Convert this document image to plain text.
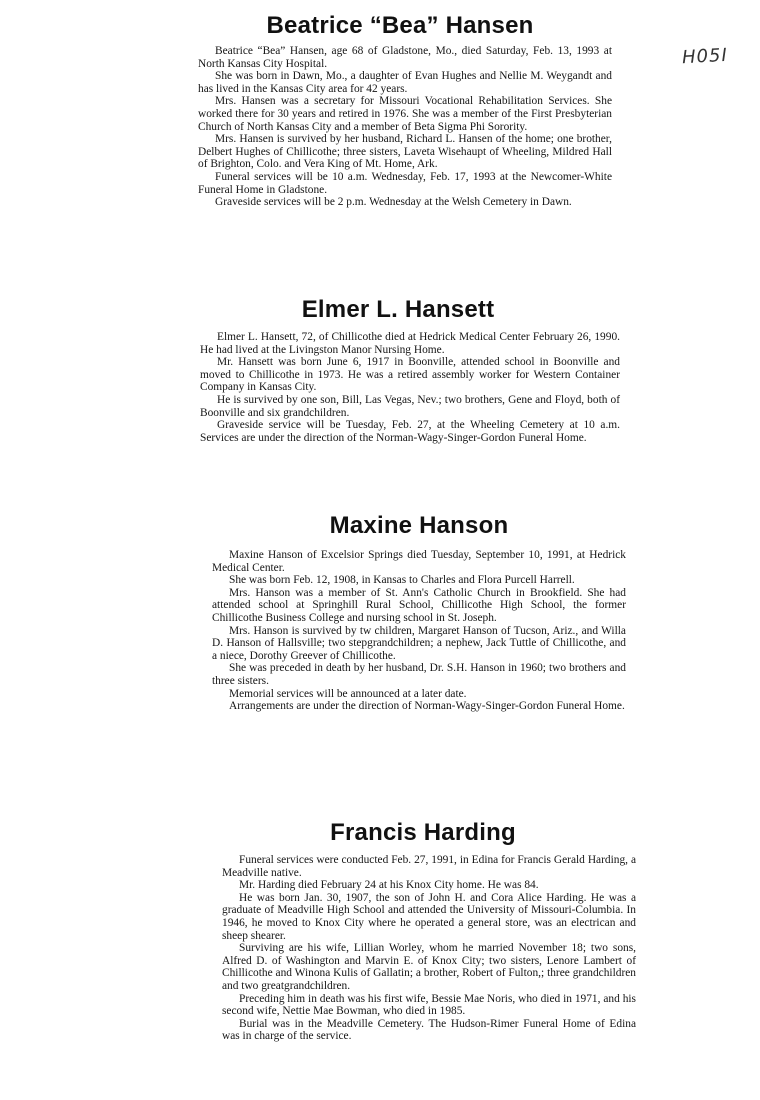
H05I
Beatrice “Bea” Hansen

Beatrice “Bea” Hansen, age 68 of Gladstone, Mo., died Saturday, Feb. 13, 1993 at North Kansas City Hospital.

She was born in Dawn, Mo., a daughter of Evan Hughes and Nellie M. Weygandt and has lived in the Kansas City area for 42 years.

Mrs. Hansen was a secretary for Missouri Vocational Rehabilitation Services. She worked there for 30 years and retired in 1976. She was a member of the First Presbyterian Church of North Kansas City and a member of Beta Sigma Phi Sorority.

Mrs. Hansen is survived by her husband, Richard L. Hansen of the home; one brother, Delbert Hughes of Chillicothe; three sisters, Laveta Wisehaupt of Wheeling, Mildred Hall of Brighton, Colo. and Vera King of Mt. Home, Ark.

Funeral services will be 10 a.m. Wednesday, Feb. 17, 1993 at the Newcomer-White Funeral Home in Gladstone.

Graveside services will be 2 p.m. Wednesday at the Welsh Cemetery in Dawn.

Elmer L. Hansett

Elmer L. Hansett, 72, of Chillicothe died at Hedrick Medical Center February 26, 1990. He had lived at the Livingston Manor Nursing Home.

Mr. Hansett was born June 6, 1917 in Boonville, attended school in Boonville and moved to Chillicothe in 1973. He was a retired assembly worker for Western Container Company in Kansas City.

He is survived by one son, Bill, Las Vegas, Nev.; two brothers, Gene and Floyd, both of Boonville and six grandchildren.

Graveside service will be Tuesday, Feb. 27, at the Wheeling Cemetery at 10 a.m. Services are under the direction of the Norman-Wagy-Singer-Gordon Funeral Home.

Maxine Hanson

Maxine Hanson of Excelsior Springs died Tuesday, September 10, 1991, at Hedrick Medical Center.

She was born Feb. 12, 1908, in Kansas to Charles and Flora Purcell Harrell.

Mrs. Hanson was a member of St. Ann's Catholic Church in Brookfield. She had attended school at Springhill Rural School, Chillicothe High School, the former Chillicothe Business College and nursing school in St. Joseph.

Mrs. Hanson is survived by tw children, Margaret Hanson of Tucson, Ariz., and Willa D. Hanson of Hallsville; two stepgrandchildren; a nephew, Jack Tuttle of Chillicothe, and a niece, Dorothy Greever of Chillicothe.

She was preceded in death by her husband, Dr. S.H. Hanson in 1960; two brothers and three sisters.

Memorial services will be announced at a later date.

Arrangements are under the direction of Norman-Wagy-Singer-Gordon Funeral Home.

Francis Harding

Funeral services were conducted Feb. 27, 1991, in Edina for Francis Gerald Harding, a Meadville native.

Mr. Harding died February 24 at his Knox City home. He was 84.

He was born Jan. 30, 1907, the son of John H. and Cora Alice Harding. He was a graduate of Meadville High School and attended the University of Missouri-Columbia. In 1946, he moved to Knox City where he operated a general store, was an electrican and sheep shearer.

Surviving are his wife, Lillian Worley, whom he married November 18; two sons, Alfred D. of Washington and Marvin E. of Knox City; two sisters, Lenore Lambert of Chillicothe and Winona Kulis of Gallatin; a brother, Robert of Fulton,; three grandchildren and two greatgrandchildren.

Preceding him in death was his first wife, Bessie Mae Noris, who died in 1971, and his second wife, Nettie Mae Bowman, who died in 1985.

Burial was in the Meadville Cemetery. The Hudson-Rimer Funeral Home of Edina was in charge of the service.
